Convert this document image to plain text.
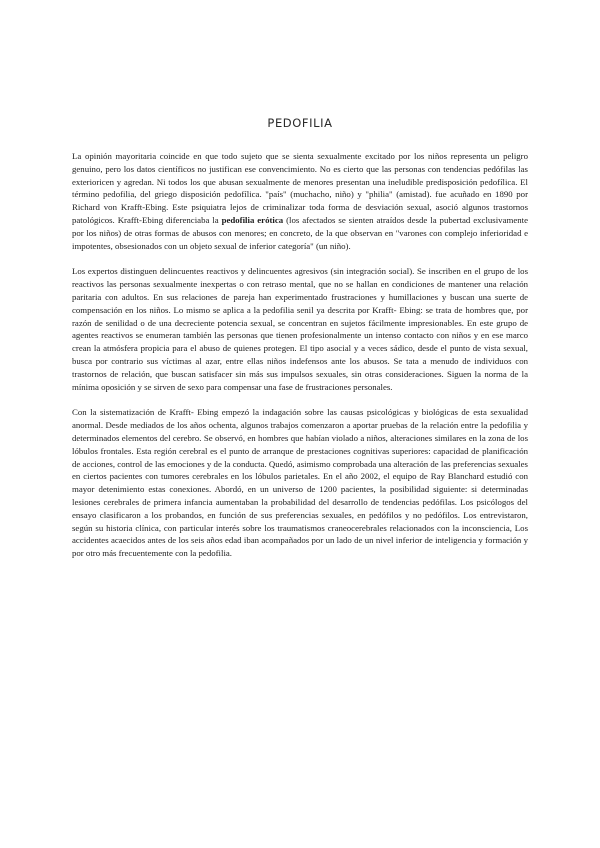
PEDOFILIA

La opinión mayoritaria coincide en que todo sujeto que se sienta sexualmente excitado por los niños representa un peligro genuino, pero los datos científicos no justifican ese convencimiento. No es cierto que las personas con tendencias pedófilas las exterioricen y agredan. Ni todos los que abusan sexualmente de menores presentan una ineludible predisposición pedofílica. El término pedofilia, del griego disposición pedofílica. "país" (muchacho, niño) y "philia" (amistad). fue acuñado en 1890 por Richard von Krafft-Ebing. Este psiquiatra lejos de criminalizar toda forma de desviación sexual, asoció algunos trastornos patológicos. Krafft-Ebing diferenciaba la pedofilia erótica (los afectados se sienten atraídos desde la pubertad exclusivamente por los niños) de otras formas de abusos con menores; en concreto, de la que observan en "varones con complejo inferioridad e impotentes, obsesionados con un objeto sexual de inferior categoría" (un niño).

Los expertos distinguen delincuentes reactivos y delincuentes agresivos (sin integración social). Se inscriben en el grupo de los reactivos las personas sexualmente inexpertas o con retraso mental, que no se hallan en condiciones de mantener una relación paritaria con adultos. En sus relaciones de pareja han experimentado frustraciones y humillaciones y buscan una suerte de compensación en los niños. Lo mismo se aplica a la pedofilia senil ya descrita por Krafft- Ebing: se trata de hombres que, por razón de senilidad o de una decreciente potencia sexual, se concentran en sujetos fácilmente impresionables. En este grupo de agentes reactivos se enumeran también las personas que tienen profesionalmente un intenso contacto con niños y en ese marco crean la atmósfera propicia para el abuso de quienes protegen. El tipo asocial y a veces sádico, desde el punto de vista sexual, busca por contrario sus víctimas al azar, entre ellas niños indefensos ante los abusos. Se tata a menudo de individuos con trastornos de relación, que buscan satisfacer sin más sus impulsos sexuales, sin otras consideraciones. Siguen la norma de la mínima oposición y se sirven de sexo para compensar una fase de frustraciones personales.

Con la sistematización de Krafft- Ebing empezó la indagación sobre las causas psicológicas y biológicas de esta sexualidad anormal. Desde mediados de los años ochenta, algunos trabajos comenzaron a aportar pruebas de la relación entre la pedofilia y determinados elementos del cerebro. Se observó, en hombres que habían violado a niños, alteraciones similares en la zona de los lóbulos frontales. Esta región cerebral es el punto de arranque de prestaciones cognitivas superiores: capacidad de planificación de acciones, control de las emociones y de la conducta. Quedó, asimismo comprobada una alteración de las preferencias sexuales en ciertos pacientes con tumores cerebrales en los lóbulos parietales. En el año 2002, el equipo de Ray Blanchard estudió con mayor detenimiento estas conexiones. Abordó, en un universo de 1200 pacientes, la posibilidad siguiente: si determinadas lesiones cerebrales de primera infancia aumentaban la probabilidad del desarrollo de tendencias pedófilas. Los psicólogos del ensayo clasificaron a los probandos, en función de sus preferencias sexuales, en pedófilos y no pedófilos. Los entrevistaron, según su historia clínica, con particular interés sobre los traumatismos craneocerebrales relacionados con la inconsciencia, Los accidentes acaecidos antes de los seis años edad iban acompañados por un lado de un nivel inferior de inteligencia y formación y por otro más frecuentemente con la pedofilia.
